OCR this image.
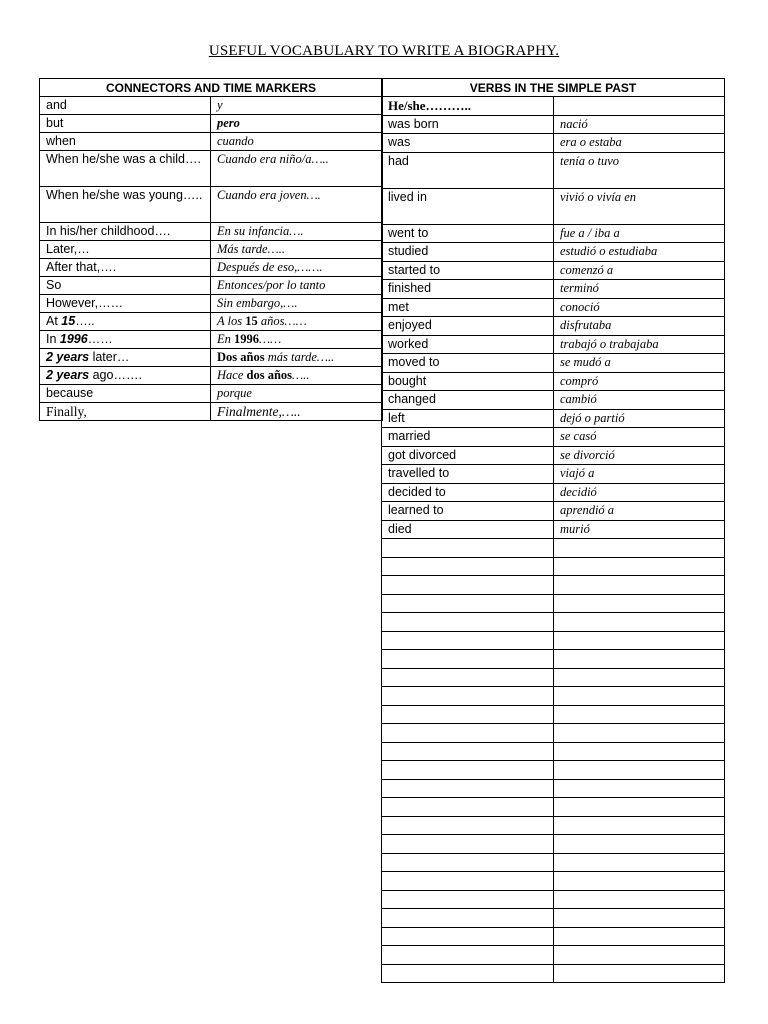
USEFUL VOCABULARY TO WRITE A BIOGRAPHY.
CONNECTORS AND TIME MARKERS	
and	y
but	pero
when	cuando
When he/she was a child….	Cuando era niño/a…..
When he/she was young…..	Cuando era joven….
In his/her childhood….	En su infancia….
Later,…	Más tarde…..
After that,….	Después de eso,…….
So	Entonces/por lo tanto
However,……	Sin embargo,….
At 15…..	A los 15 años……
In 1996……	En 1996……
2 years later…	Dos años más tarde…..
2 years ago…….	Hace dos años…..
because	porque
Finally,	Finalmente,…..
VERBS IN THE SIMPLE PAST	
He/she………..	
was born	nació
was	era o estaba
had	tenía o tuvo
lived in	vivió o vivía en
went to	fue a / iba a
studied	estudió o estudiaba
started to	comenzó a
finished	terminó
met	conoció
enjoyed	disfrutaba
worked	trabajó o trabajaba
moved to	se mudó a
bought	compró
changed	cambió
left	dejó o partió
married	se casó
got divorced	se divorció
travelled to	viajó a
decided to	decidió
learned to	aprendió a
died	murió
